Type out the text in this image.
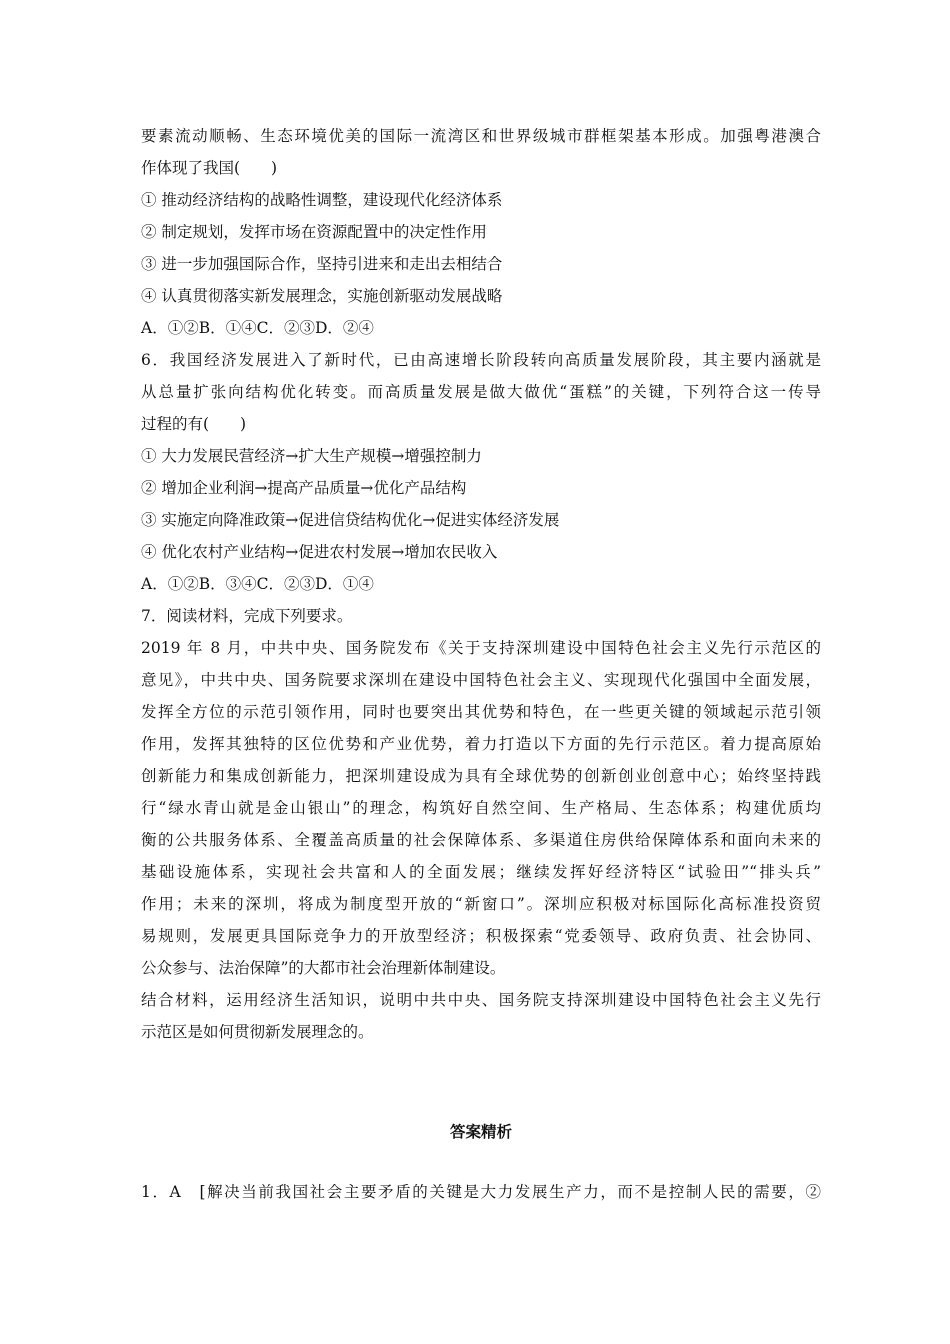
要素流动顺畅、生态环境优美的国际一流湾区和世界级城市群框架基本形成。加强粤港澳合
作体现了我国(　　)
① 推动经济结构的战略性调整，建设现代化经济体系
② 制定规划，发挥市场在资源配置中的决定性作用
③ 进一步加强国际合作，坚持引进来和走出去相结合
④ 认真贯彻落实新发展理念，实施创新驱动发展战略
A．①②B．①④C．②③D．②④
6．我国经济发展进入了新时代，已由高速增长阶段转向高质量发展阶段，其主要内涵就是
从总量扩张向结构优化转变。而高质量发展是做大做优“蛋糕”的关键，下列符合这一传导
过程的有(　　)
① 大力发展民营经济→扩大生产规模→增强控制力
② 增加企业利润→提高产品质量→优化产品结构
③ 实施定向降准政策→促进信贷结构优化→促进实体经济发展
④ 优化农村产业结构→促进农村发展→增加农民收入
A．①②B．③④C．②③D．①④
7．阅读材料，完成下列要求。
2019 年 8 月，中共中央、国务院发布《关于支持深圳建设中国特色社会主义先行示范区的
意见》，中共中央、国务院要求深圳在建设中国特色社会主义、实现现代化强国中全面发展，
发挥全方位的示范引领作用，同时也要突出其优势和特色，在一些更关键的领域起示范引领
作用，发挥其独特的区位优势和产业优势，着力打造以下方面的先行示范区。着力提高原始
创新能力和集成创新能力，把深圳建设成为具有全球优势的创新创业创意中心；始终坚持践
行“绿水青山就是金山银山”的理念，构筑好自然空间、生产格局、生态体系；构建优质均
衡的公共服务体系、全覆盖高质量的社会保障体系、多渠道住房供给保障体系和面向未来的
基础设施体系，实现社会共富和人的全面发展；继续发挥好经济特区“试验田”“排头兵”
作用；未来的深圳，将成为制度型开放的“新窗口”。深圳应积极对标国际化高标准投资贸
易规则，发展更具国际竞争力的开放型经济；积极探索“党委领导、政府负责、社会协同、
公众参与、法治保障”的大都市社会治理新体制建设。
结合材料，运用经济生活知识，说明中共中央、国务院支持深圳建设中国特色社会主义先行
示范区是如何贯彻新发展理念的。
答案精析
1．A　[解决当前我国社会主要矛盾的关键是大力发展生产力，而不是控制人民的需要，②
